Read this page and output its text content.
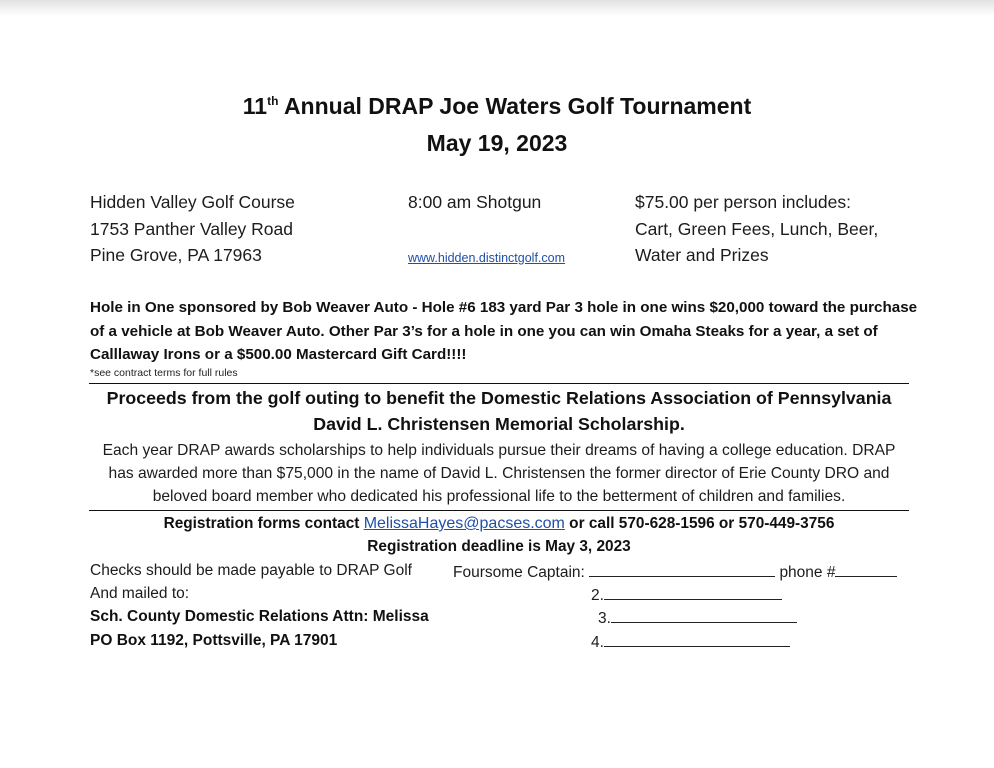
11th Annual DRAP Joe Waters Golf Tournament
May 19, 2023
Hidden Valley Golf Course
1753 Panther Valley Road
Pine Grove, PA 17963
8:00 am Shotgun
www.hidden.distinctgolf.com
$75.00 per person includes:
Cart, Green Fees, Lunch, Beer,
Water and Prizes
Hole in One sponsored by Bob Weaver Auto - Hole #6 183 yard Par 3 hole in one wins $20,000 toward the purchase of a vehicle at Bob Weaver Auto. Other Par 3’s for a hole in one you can win Omaha Steaks for a year, a set of Calllaway Irons or a $500.00 Mastercard Gift Card!!!!
*see contract terms for full rules
Proceeds from the golf outing to benefit the Domestic Relations Association of Pennsylvania
David L. Christensen Memorial Scholarship.
Each year DRAP awards scholarships to help individuals pursue their dreams of having a college education. DRAP
has awarded more than $75,000 in the name of David L. Christensen the former director of Erie County DRO and
beloved board member who dedicated his professional life to the betterment of children and families.
Registration forms contact MelissaHayes@pacses.com or call 570-628-1596 or 570-449-3756
Registration deadline is May 3, 2023
Checks should be made payable to DRAP Golf
And mailed to:
Sch. County Domestic Relations Attn: Melissa
PO Box 1192, Pottsville, PA 17901
Foursome Captain:	phone #
2.
3.
4.
